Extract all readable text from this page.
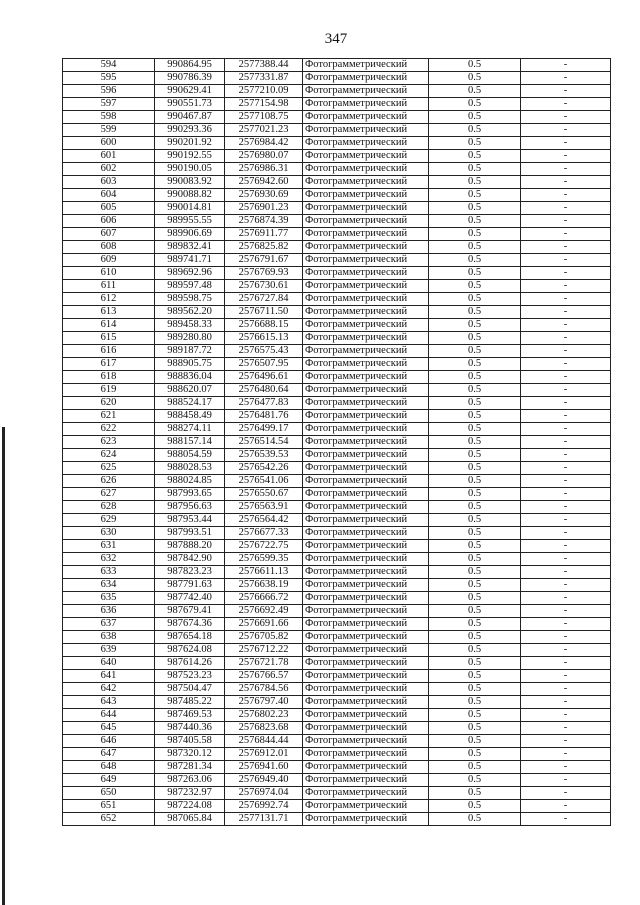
347
594	990864.95	2577388.44	Фотограмметрический	0.5	-
595	990786.39	2577331.87	Фотограмметрический	0.5	-
596	990629.41	2577210.09	Фотограмметрический	0.5	-
597	990551.73	2577154.98	Фотограмметрический	0.5	-
598	990467.87	2577108.75	Фотограмметрический	0.5	-
599	990293.36	2577021.23	Фотограмметрический	0.5	-
600	990201.92	2576984.42	Фотограмметрический	0.5	-
601	990192.55	2576980.07	Фотограмметрический	0.5	-
602	990190.05	2576986.31	Фотограмметрический	0.5	-
603	990083.92	2576942.60	Фотограмметрический	0.5	-
604	990088.82	2576930.69	Фотограмметрический	0.5	-
605	990014.81	2576901.23	Фотограмметрический	0.5	-
606	989955.55	2576874.39	Фотограмметрический	0.5	-
607	989906.69	2576911.77	Фотограмметрический	0.5	-
608	989832.41	2576825.82	Фотограмметрический	0.5	-
609	989741.71	2576791.67	Фотограмметрический	0.5	-
610	989692.96	2576769.93	Фотограмметрический	0.5	-
611	989597.48	2576730.61	Фотограмметрический	0.5	-
612	989598.75	2576727.84	Фотограмметрический	0.5	-
613	989562.20	2576711.50	Фотограмметрический	0.5	-
614	989458.33	2576688.15	Фотограмметрический	0.5	-
615	989280.80	2576615.13	Фотограмметрический	0.5	-
616	989187.72	2576575.43	Фотограмметрический	0.5	-
617	988905.75	2576507.95	Фотограмметрический	0.5	-
618	988836.04	2576496.61	Фотограмметрический	0.5	-
619	988620.07	2576480.64	Фотограмметрический	0.5	-
620	988524.17	2576477.83	Фотограмметрический	0.5	-
621	988458.49	2576481.76	Фотограмметрический	0.5	-
622	988274.11	2576499.17	Фотограмметрический	0.5	-
623	988157.14	2576514.54	Фотограмметрический	0.5	-
624	988054.59	2576539.53	Фотограмметрический	0.5	-
625	988028.53	2576542.26	Фотограмметрический	0.5	-
626	988024.85	2576541.06	Фотограмметрический	0.5	-
627	987993.65	2576550.67	Фотограмметрический	0.5	-
628	987956.63	2576563.91	Фотограмметрический	0.5	-
629	987953.44	2576564.42	Фотограмметрический	0.5	-
630	987993.51	2576677.33	Фотограмметрический	0.5	-
631	987888.20	2576722.75	Фотограмметрический	0.5	-
632	987842.90	2576599.35	Фотограмметрический	0.5	-
633	987823.23	2576611.13	Фотограмметрический	0.5	-
634	987791.63	2576638.19	Фотограмметрический	0.5	-
635	987742.40	2576666.72	Фотограмметрический	0.5	-
636	987679.41	2576692.49	Фотограмметрический	0.5	-
637	987674.36	2576691.66	Фотограмметрический	0.5	-
638	987654.18	2576705.82	Фотограмметрический	0.5	-
639	987624.08	2576712.22	Фотограмметрический	0.5	-
640	987614.26	2576721.78	Фотограмметрический	0.5	-
641	987523.23	2576766.57	Фотограмметрический	0.5	-
642	987504.47	2576784.56	Фотограмметрический	0.5	-
643	987485.22	2576797.40	Фотограмметрический	0.5	-
644	987469.53	2576802.23	Фотограмметрический	0.5	-
645	987440.36	2576823.68	Фотограмметрический	0.5	-
646	987405.58	2576844.44	Фотограмметрический	0.5	-
647	987320.12	2576912.01	Фотограмметрический	0.5	-
648	987281.34	2576941.60	Фотограмметрический	0.5	-
649	987263.06	2576949.40	Фотограмметрический	0.5	-
650	987232.97	2576974.04	Фотограмметрический	0.5	-
651	987224.08	2576992.74	Фотограмметрический	0.5	-
652	987065.84	2577131.71	Фотограмметрический	0.5	-
